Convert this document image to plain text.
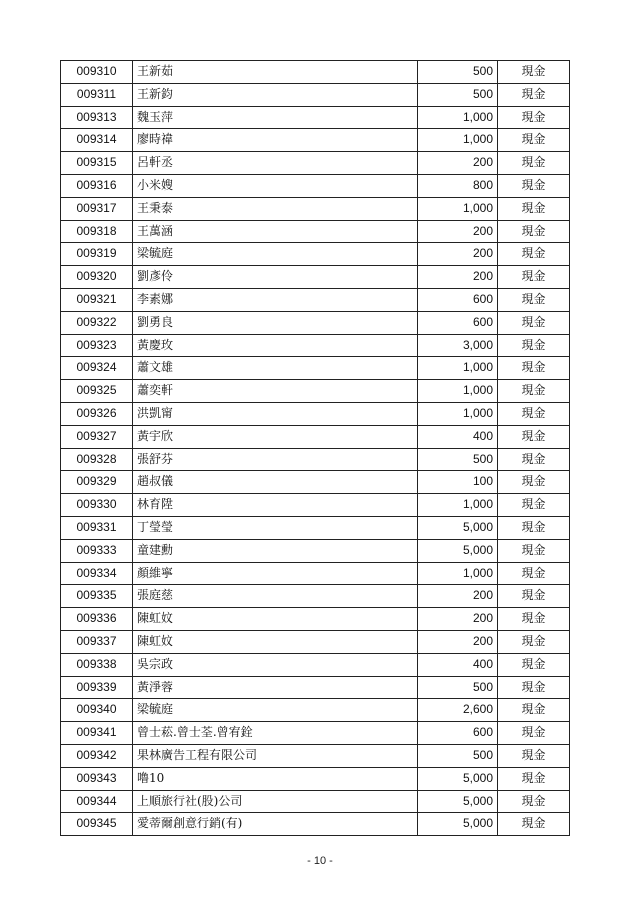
009310	王新茹	500	現金
009311	王新鈞	500	現金
009313	魏玉萍	1,000	現金
009314	廖時禕	1,000	現金
009315	呂軒丞	200	現金
009316	小米嫂	800	現金
009317	王秉泰	1,000	現金
009318	王萬涵	200	現金
009319	梁毓庭	200	現金
009320	劉彥伶	200	現金
009321	李素娜	600	現金
009322	劉勇良	600	現金
009323	黃慶玫	3,000	現金
009324	蕭文雄	1,000	現金
009325	蕭奕軒	1,000	現金
009326	洪凱甯	1,000	現金
009327	黃宇欣	400	現金
009328	張舒芬	500	現金
009329	趙叔儀	100	現金
009330	林育陞	1,000	現金
009331	丁瑩瑩	5,000	現金
009333	童建勳	5,000	現金
009334	顏維寧	1,000	現金
009335	張庭慈	200	現金
009336	陳虹妏	200	現金
009337	陳虹妏	200	現金
009338	吳宗政	400	現金
009339	黃淨蓉	500	現金
009340	梁毓庭	2,600	現金
009341	曾士菘.曾士荃.曾宥銓	600	現金
009342	果林廣告工程有限公司	500	現金
009343	噜10	5,000	現金
009344	上順旅行社(股)公司	5,000	現金
009345	愛蒂爾創意行銷(有)	5,000	現金
- 10 -
